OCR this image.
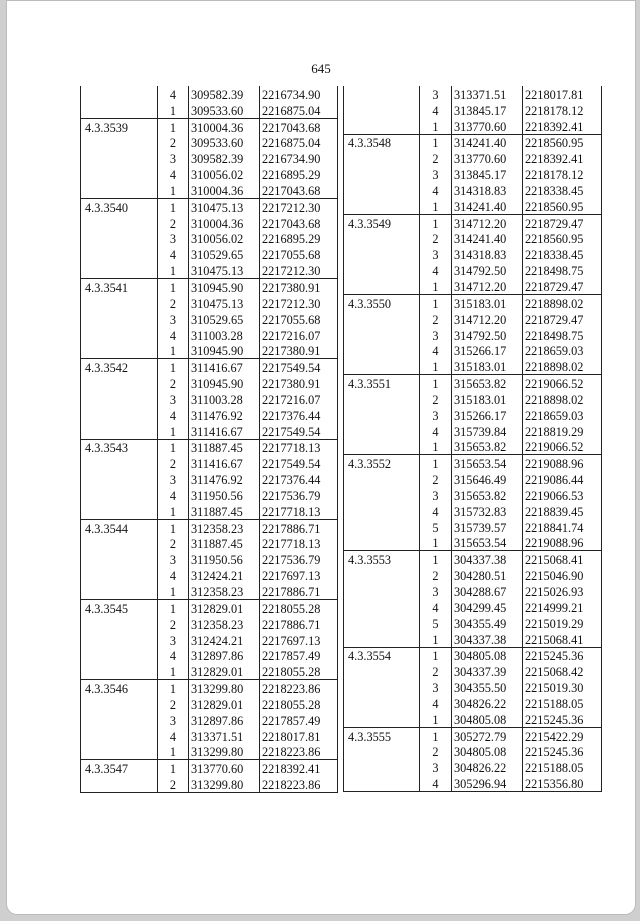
645
	4	309582.39	2216734.90
	1	309533.60	2216875.04
4.3.3539	1	310004.36	2217043.68
	2	309533.60	2216875.04
	3	309582.39	2216734.90
	4	310056.02	2216895.29
	1	310004.36	2217043.68
4.3.3540	1	310475.13	2217212.30
	2	310004.36	2217043.68
	3	310056.02	2216895.29
	4	310529.65	2217055.68
	1	310475.13	2217212.30
4.3.3541	1	310945.90	2217380.91
	2	310475.13	2217212.30
	3	310529.65	2217055.68
	4	311003.28	2217216.07
	1	310945.90	2217380.91
4.3.3542	1	311416.67	2217549.54
	2	310945.90	2217380.91
	3	311003.28	2217216.07
	4	311476.92	2217376.44
	1	311416.67	2217549.54
4.3.3543	1	311887.45	2217718.13
	2	311416.67	2217549.54
	3	311476.92	2217376.44
	4	311950.56	2217536.79
	1	311887.45	2217718.13
4.3.3544	1	312358.23	2217886.71
	2	311887.45	2217718.13
	3	311950.56	2217536.79
	4	312424.21	2217697.13
	1	312358.23	2217886.71
4.3.3545	1	312829.01	2218055.28
	2	312358.23	2217886.71
	3	312424.21	2217697.13
	4	312897.86	2217857.49
	1	312829.01	2218055.28
4.3.3546	1	313299.80	2218223.86
	2	312829.01	2218055.28
	3	312897.86	2217857.49
	4	313371.51	2218017.81
	1	313299.80	2218223.86
4.3.3547	1	313770.60	2218392.41
	2	313299.80	2218223.86
	3	313371.51	2218017.81
	4	313845.17	2218178.12
	1	313770.60	2218392.41
4.3.3548	1	314241.40	2218560.95
	2	313770.60	2218392.41
	3	313845.17	2218178.12
	4	314318.83	2218338.45
	1	314241.40	2218560.95
4.3.3549	1	314712.20	2218729.47
	2	314241.40	2218560.95
	3	314318.83	2218338.45
	4	314792.50	2218498.75
	1	314712.20	2218729.47
4.3.3550	1	315183.01	2218898.02
	2	314712.20	2218729.47
	3	314792.50	2218498.75
	4	315266.17	2218659.03
	1	315183.01	2218898.02
4.3.3551	1	315653.82	2219066.52
	2	315183.01	2218898.02
	3	315266.17	2218659.03
	4	315739.84	2218819.29
	1	315653.82	2219066.52
4.3.3552	1	315653.54	2219088.96
	2	315646.49	2219086.44
	3	315653.82	2219066.53
	4	315732.83	2218839.45
	5	315739.57	2218841.74
	1	315653.54	2219088.96
4.3.3553	1	304337.38	2215068.41
	2	304280.51	2215046.90
	3	304288.67	2215026.93
	4	304299.45	2214999.21
	5	304355.49	2215019.29
	1	304337.38	2215068.41
4.3.3554	1	304805.08	2215245.36
	2	304337.39	2215068.42
	3	304355.50	2215019.30
	4	304826.22	2215188.05
	1	304805.08	2215245.36
4.3.3555	1	305272.79	2215422.29
	2	304805.08	2215245.36
	3	304826.22	2215188.05
	4	305296.94	2215356.80
